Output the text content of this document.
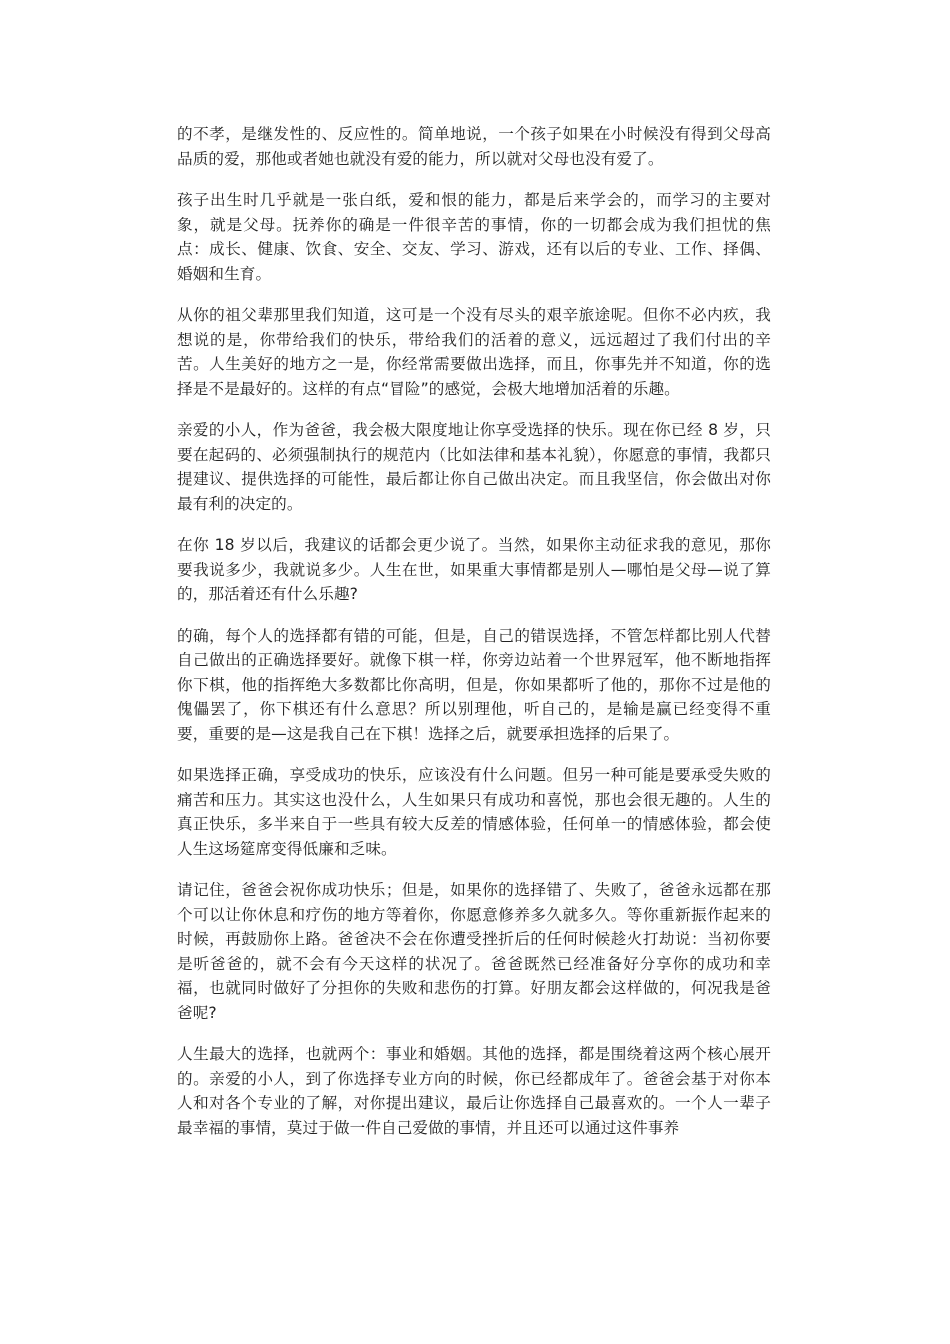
的不孝，是继发性的、反应性的。简单地说，一个孩子如果在小时候没有得到父母高品质的爱，那他或者她也就没有爱的能力，所以就对父母也没有爱了。

孩子出生时几乎就是一张白纸，爱和恨的能力，都是后来学会的，而学习的主要对象，就是父母。抚养你的确是一件很辛苦的事情，你的一切都会成为我们担忧的焦点：成长、健康、饮食、安全、交友、学习、游戏，还有以后的专业、工作、择偶、婚姻和生育。

从你的祖父辈那里我们知道，这可是一个没有尽头的艰辛旅途呢。但你不必内疚，我想说的是，你带给我们的快乐，带给我们的活着的意义，远远超过了我们付出的辛苦。人生美好的地方之一是，你经常需要做出选择，而且，你事先并不知道，你的选择是不是最好的。这样的有点“冒险”的感觉，会极大地增加活着的乐趣。

亲爱的小人，作为爸爸，我会极大限度地让你享受选择的快乐。现在你已经 8 岁，只要在起码的、必须强制执行的规范内（比如法律和基本礼貌），你愿意的事情，我都只提建议、提供选择的可能性，最后都让你自己做出决定。而且我坚信，你会做出对你最有利的决定的。

在你 18 岁以后，我建议的话都会更少说了。当然，如果你主动征求我的意见，那你要我说多少，我就说多少。人生在世，如果重大事情都是别人—哪怕是父母—说了算的，那活着还有什么乐趣?

的确，每个人的选择都有错的可能，但是，自己的错误选择，不管怎样都比别人代替自己做出的正确选择要好。就像下棋一样，你旁边站着一个世界冠军，他不断地指挥你下棋，他的指挥绝大多数都比你高明，但是，你如果都听了他的，那你不过是他的傀儡罢了，你下棋还有什么意思？所以别理他，听自己的，是输是赢已经变得不重要，重要的是—这是我自己在下棋！选择之后，就要承担选择的后果了。

如果选择正确，享受成功的快乐，应该没有什么问题。但另一种可能是要承受失败的痛苦和压力。其实这也没什么，人生如果只有成功和喜悦，那也会很无趣的。人生的真正快乐，多半来自于一些具有较大反差的情感体验，任何单一的情感体验，都会使人生这场筵席变得低廉和乏味。

请记住，爸爸会祝你成功快乐；但是，如果你的选择错了、失败了，爸爸永远都在那个可以让你休息和疗伤的地方等着你，你愿意修养多久就多久。等你重新振作起来的时候，再鼓励你上路。爸爸决不会在你遭受挫折后的任何时候趁火打劫说：当初你要是听爸爸的，就不会有今天这样的状况了。爸爸既然已经准备好分享你的成功和幸福，也就同时做好了分担你的失败和悲伤的打算。好朋友都会这样做的，何况我是爸爸呢?

人生最大的选择，也就两个：事业和婚姻。其他的选择，都是围绕着这两个核心展开的。亲爱的小人，到了你选择专业方向的时候，你已经都成年了。爸爸会基于对你本人和对各个专业的了解，对你提出建议，最后让你选择自己最喜欢的。一个人一辈子最幸福的事情，莫过于做一件自己爱做的事情，并且还可以通过这件事养
